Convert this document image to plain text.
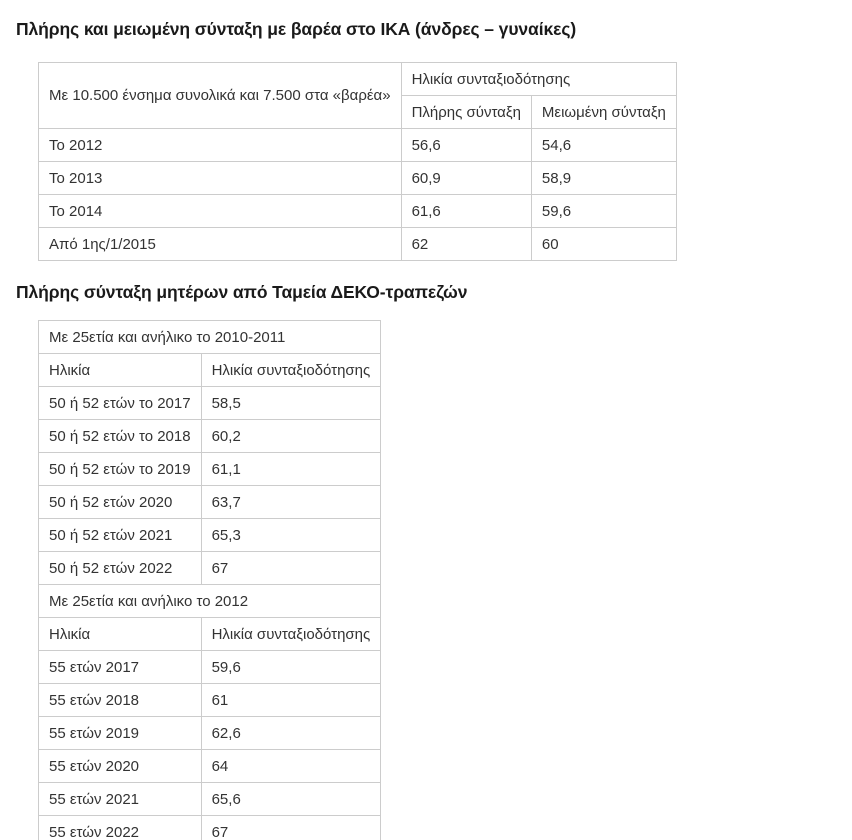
Πλήρης και μειωμένη σύνταξη με βαρέα στο ΙΚΑ (άνδρες – γυναίκες)
Με 10.500 ένσημα συνολικά και 7.500 στα «βαρέα»	Ηλικία συνταξιοδότησης	
	Πλήρης σύνταξη	Μειωμένη σύνταξη
Το 2012	56,6	54,6
Το 2013	60,9	58,9
Το 2014	61,6	59,6
Από 1ης/1/2015	62	60
Πλήρης σύνταξη μητέρων από Ταμεία ΔΕΚΟ-τραπεζών
Με 25ετία και ανήλικο το 2010-2011	
Ηλικία	Ηλικία συνταξιοδότησης
50 ή 52 ετών το 2017	58,5
50 ή 52 ετών το 2018	60,2
50 ή 52 ετών το 2019	61,1
50 ή 52 ετών 2020	63,7
50 ή 52 ετών 2021	65,3
50 ή 52 ετών 2022	67
Με 25ετία και ανήλικο το 2012	
Ηλικία	Ηλικία συνταξιοδότησης
55 ετών 2017	59,6
55 ετών 2018	61
55 ετών 2019	62,6
55 ετών 2020	64
55 ετών 2021	65,6
55 ετών 2022	67
